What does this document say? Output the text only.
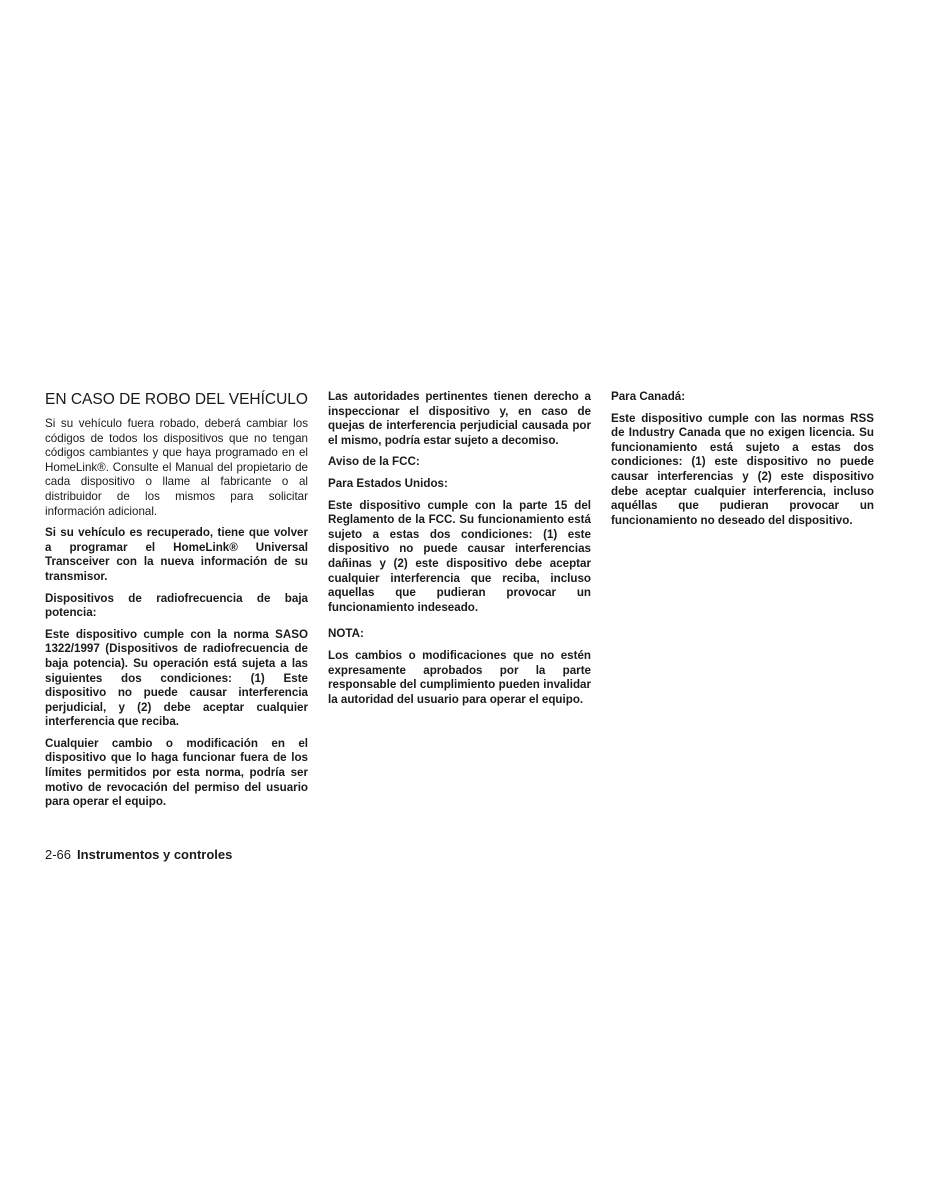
EN CASO DE ROBO DEL VEHÍCULO

Si su vehículo fuera robado, deberá cambiar los códigos de todos los dispositivos que no tengan códigos cambiantes y que haya programado en el HomeLink®. Consulte el Manual del propietario de cada dispositivo o llame al fabricante o al distribuidor de los mismos para solicitar información adicional.

Si su vehículo es recuperado, tiene que volver a programar el HomeLink® Universal Transceiver con la nueva información de su transmisor.

Dispositivos de radiofrecuencia de baja potencia:

Este dispositivo cumple con la norma SASO 1322/1997 (Dispositivos de radiofrecuencia de baja potencia). Su operación está sujeta a las siguientes dos condiciones: (1) Este dispositivo no puede causar interferencia perjudicial, y (2) debe aceptar cualquier interferencia que reciba.

Cualquier cambio o modificación en el dispositivo que lo haga funcionar fuera de los límites permitidos por esta norma, podría ser motivo de revocación del permiso del usuario para operar el equipo.

Las autoridades pertinentes tienen derecho a inspeccionar el dispositivo y, en caso de quejas de interferencia perjudicial causada por el mismo, podría estar sujeto a decomiso.

Aviso de la FCC:

Para Estados Unidos:

Este dispositivo cumple con la parte 15 del Reglamento de la FCC. Su funcionamiento está sujeto a estas dos condiciones: (1) este dispositivo no puede causar interferencias dañinas y (2) este dispositivo debe aceptar cualquier interferencia que reciba, incluso aquellas que pudieran provocar un funcionamiento indeseado.

NOTA:

Los cambios o modificaciones que no estén expresamente aprobados por la parte responsable del cumplimiento pueden invalidar la autoridad del usuario para operar el equipo.

Para Canadá:

Este dispositivo cumple con las normas RSS de Industry Canada que no exigen licencia. Su funcionamiento está sujeto a estas dos condiciones: (1) este dispositivo no puede causar interferencias y (2) este dispositivo debe aceptar cualquier interferencia, incluso aquéllas que pudieran provocar un funcionamiento no deseado del dispositivo.

2-66 Instrumentos y controles
